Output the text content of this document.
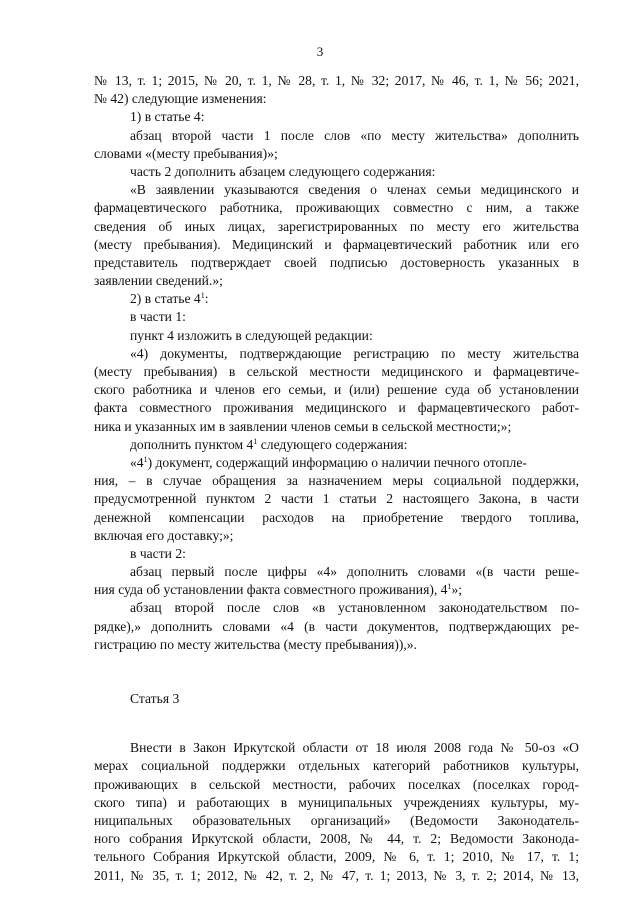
3
№ 13, т. 1; 2015, № 20, т. 1, № 28, т. 1, № 32; 2017, № 46, т. 1, № 56; 2021,
№ 42) следующие изменения:
1) в статье 4:
абзац второй части 1 после слов «по месту жительства» дополнить
словами «(месту пребывания)»;
часть 2 дополнить абзацем следующего содержания:
«В заявлении указываются сведения о членах семьи медицинского и
фармацевтического работника, проживающих совместно с ним, а также
сведения об иных лицах, зарегистрированных по месту его жительства
(месту пребывания). Медицинский и фармацевтический работник или его
представитель подтверждает своей подписью достоверность указанных в
заявлении сведений.»;
2) в статье $4^1$:
в части 1:
пункт 4 изложить в следующей редакции:
«4) документы, подтверждающие регистрацию по месту жительства
(месту пребывания) в сельской местности медицинского и фармацевтиче-
ского работника и членов его семьи, и (или) решение суда об установлении
факта совместного проживания медицинского и фармацевтического работ-
ника и указанных им в заявлении членов семьи в сельской местности;»;
дополнить пунктом $4^1$ следующего содержания:
«$4^1$) документ, содержащий информацию о наличии печного отопле-
ния, – в случае обращения за назначением меры социальной поддержки,
предусмотренной пунктом 2 части 1 статьи 2 настоящего Закона, в части
денежной компенсации расходов на приобретение твердого топлива,
включая его доставку;»;
в части 2:
абзац первый после цифры «4» дополнить словами «(в части реше-
ния суда об установлении факта совместного проживания), $4^1$»;
абзац второй после слов «в установленном законодательством по-
рядке),» дополнить словами «4 (в части документов, подтверждающих ре-
гистрацию по месту жительства (месту пребывания)),».
Статья 3
Внести в Закон Иркутской области от 18 июля 2008 года № 50-оз «О
мерах социальной поддержки отдельных категорий работников культуры,
проживающих в сельской местности, рабочих поселках (поселках город-
ского типа) и работающих в муниципальных учреждениях культуры, му-
ниципальных образовательных организаций» (Ведомости Законодатель-
ного собрания Иркутской области, 2008, № 44, т. 2; Ведомости Законода-
тельного Собрания Иркутской области, 2009, № 6, т. 1; 2010, № 17, т. 1;
2011, № 35, т. 1; 2012, № 42, т. 2, № 47, т. 1; 2013, № 3, т. 2; 2014, № 13,
